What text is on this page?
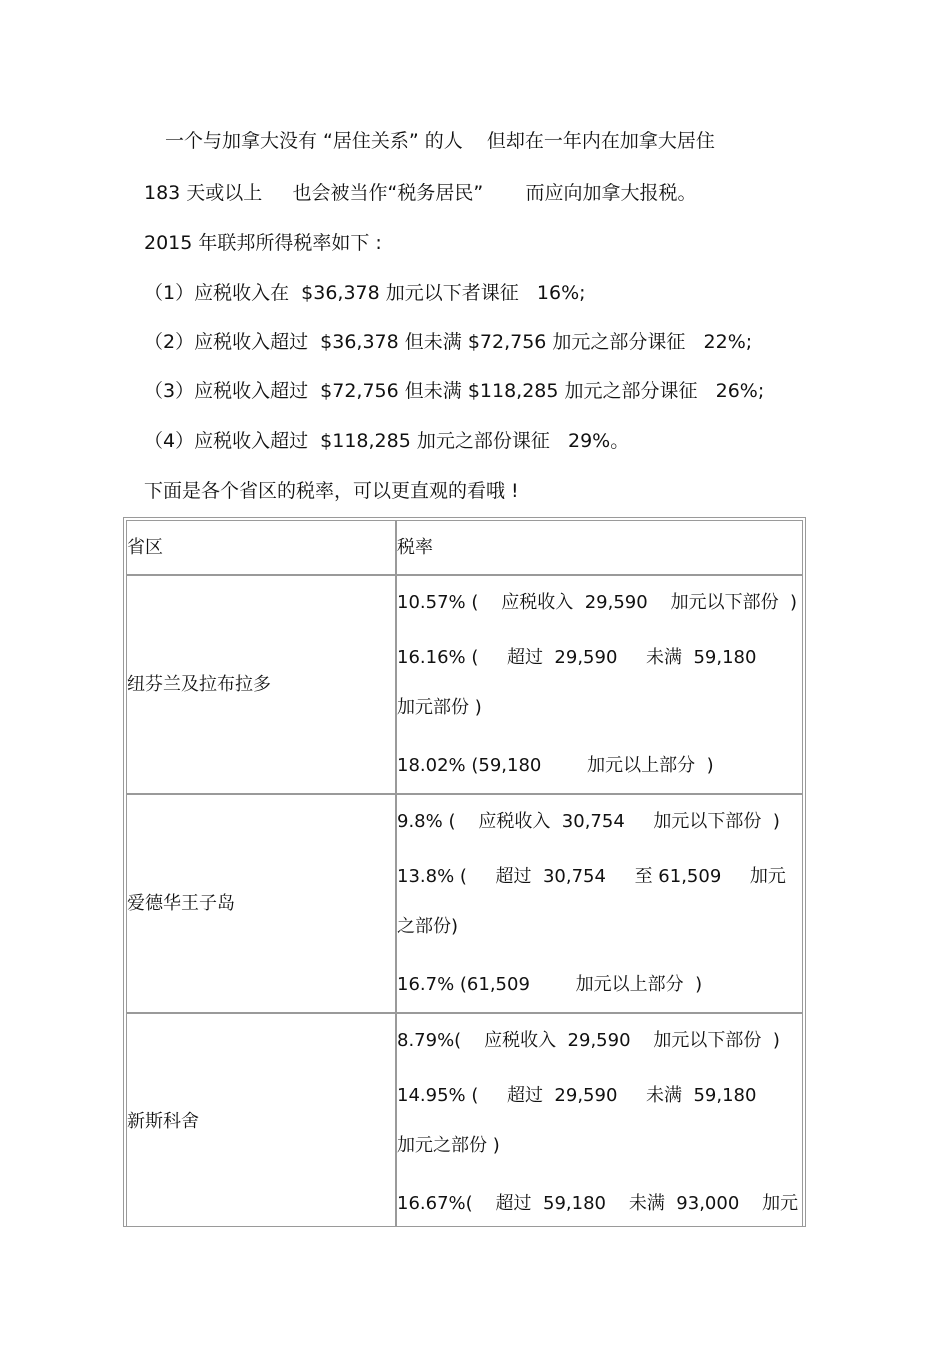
一个与加拿大没有 “居住关系” 的人    但却在一年内在加拿大居住
183 天或以上     也会被当作“税务居民”       而应向加拿大报税。
2015 年联邦所得税率如下 :
（1）应税收入在  $36,378 加元以下者课征   16%;
（2）应税收入超过  $36,378 但未满 $72,756 加元之部分课征   22%;
（3）应税收入超过  $72,756 但未满 $118,285 加元之部分课征   26%;
（4）应税收入超过  $118,285 加元之部份课征   29%。
下面是各个省区的税率，可以更直观的看哦 !
省区	税率
纽芬兰及拉布拉多	10.57% (    应税收入  29,590    加元以下部份  )
16.16% (     超过  29,590     未满  59,180     加元部份 )
18.02% (59,180        加元以上部分  )

爱德华王子岛	9.8% (    应税收入  30,754     加元以下部份  )
13.8% (     超过  30,754     至 61,509     加元之部份)
16.7% (61,509        加元以上部分  )

新斯科舍	8.79%(    应税收入  29,590    加元以下部份  )
14.95% (     超过  29,590     未满  59,180     加元之部份 )
16.67%(    超过  59,180    未满  93,000    加元
